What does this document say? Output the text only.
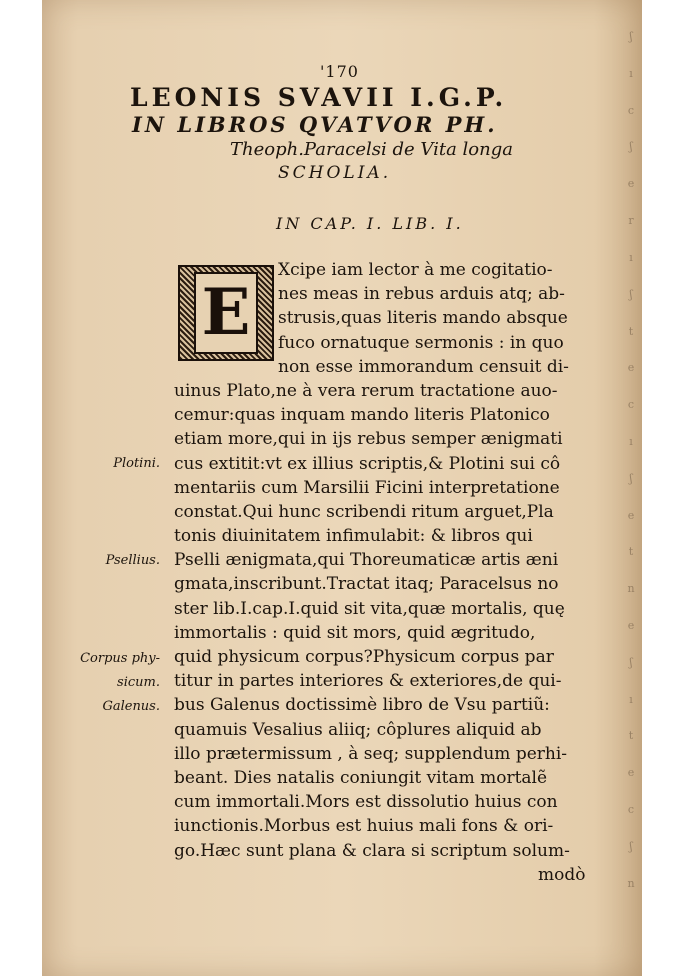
ʃ
ı
c
ʃ
e
r
ı
ʃ
t
e
c
ı
ʃ
e
t
n
e
ʃ
ı
t
e
c
ʃ
n
'170
LEONIS SVAVII I.G.P.
IN LIBROS QVATVOR PH.
Theoph.Paracelsi de Vita longa
SCHOLIA.
IN CAP. I. LIB. I.
E
Xcipe iam lector à me cogitatio-
nes meas in rebus arduis atq; ab-
strusis,quas literis mando absque
fuco ornatuque sermonis : in quo
non esse immorandum censuit di-
uinus Plato,ne à vera rerum tractatione auo-
cemur:quas inquam mando literis Platonico
etiam more,qui in ijs rebus semper ænigmati
cus extitit:vt ex illius scriptis,& Plotini sui cô
mentariis cum Marsilii Ficini interpretatione
constat.Qui hunc scribendi ritum arguet,Pla
tonis diuinitatem infimulabit: & libros qui
Pselli ænigmata,qui Thoreumaticæ artis æni
gmata,inscribunt.Tractat itaq; Paracelsus no
ster lib.I.cap.I.quid sit vita,quæ mortalis, quę
immortalis : quid sit mors, quid ægritudo,
quid physicum corpus?Physicum corpus par
titur in partes interiores & exteriores,de qui-
bus Galenus doctissimè libro de Vsu partiũ:
quamuis Vesalius aliiq; côplures aliquid ab
illo prætermissum , à seq; supplendum perhi-
beant. Dies natalis coniungit vitam mortalẽ
cum immortali.Mors est dissolutio huius con
iunctionis.Morbus est huius mali fons & ori-
go.Hæc sunt plana & clara si scriptum solum-
modò
Plotini.
Psellius.
Corpus phy-
sicum.
Galenus.
